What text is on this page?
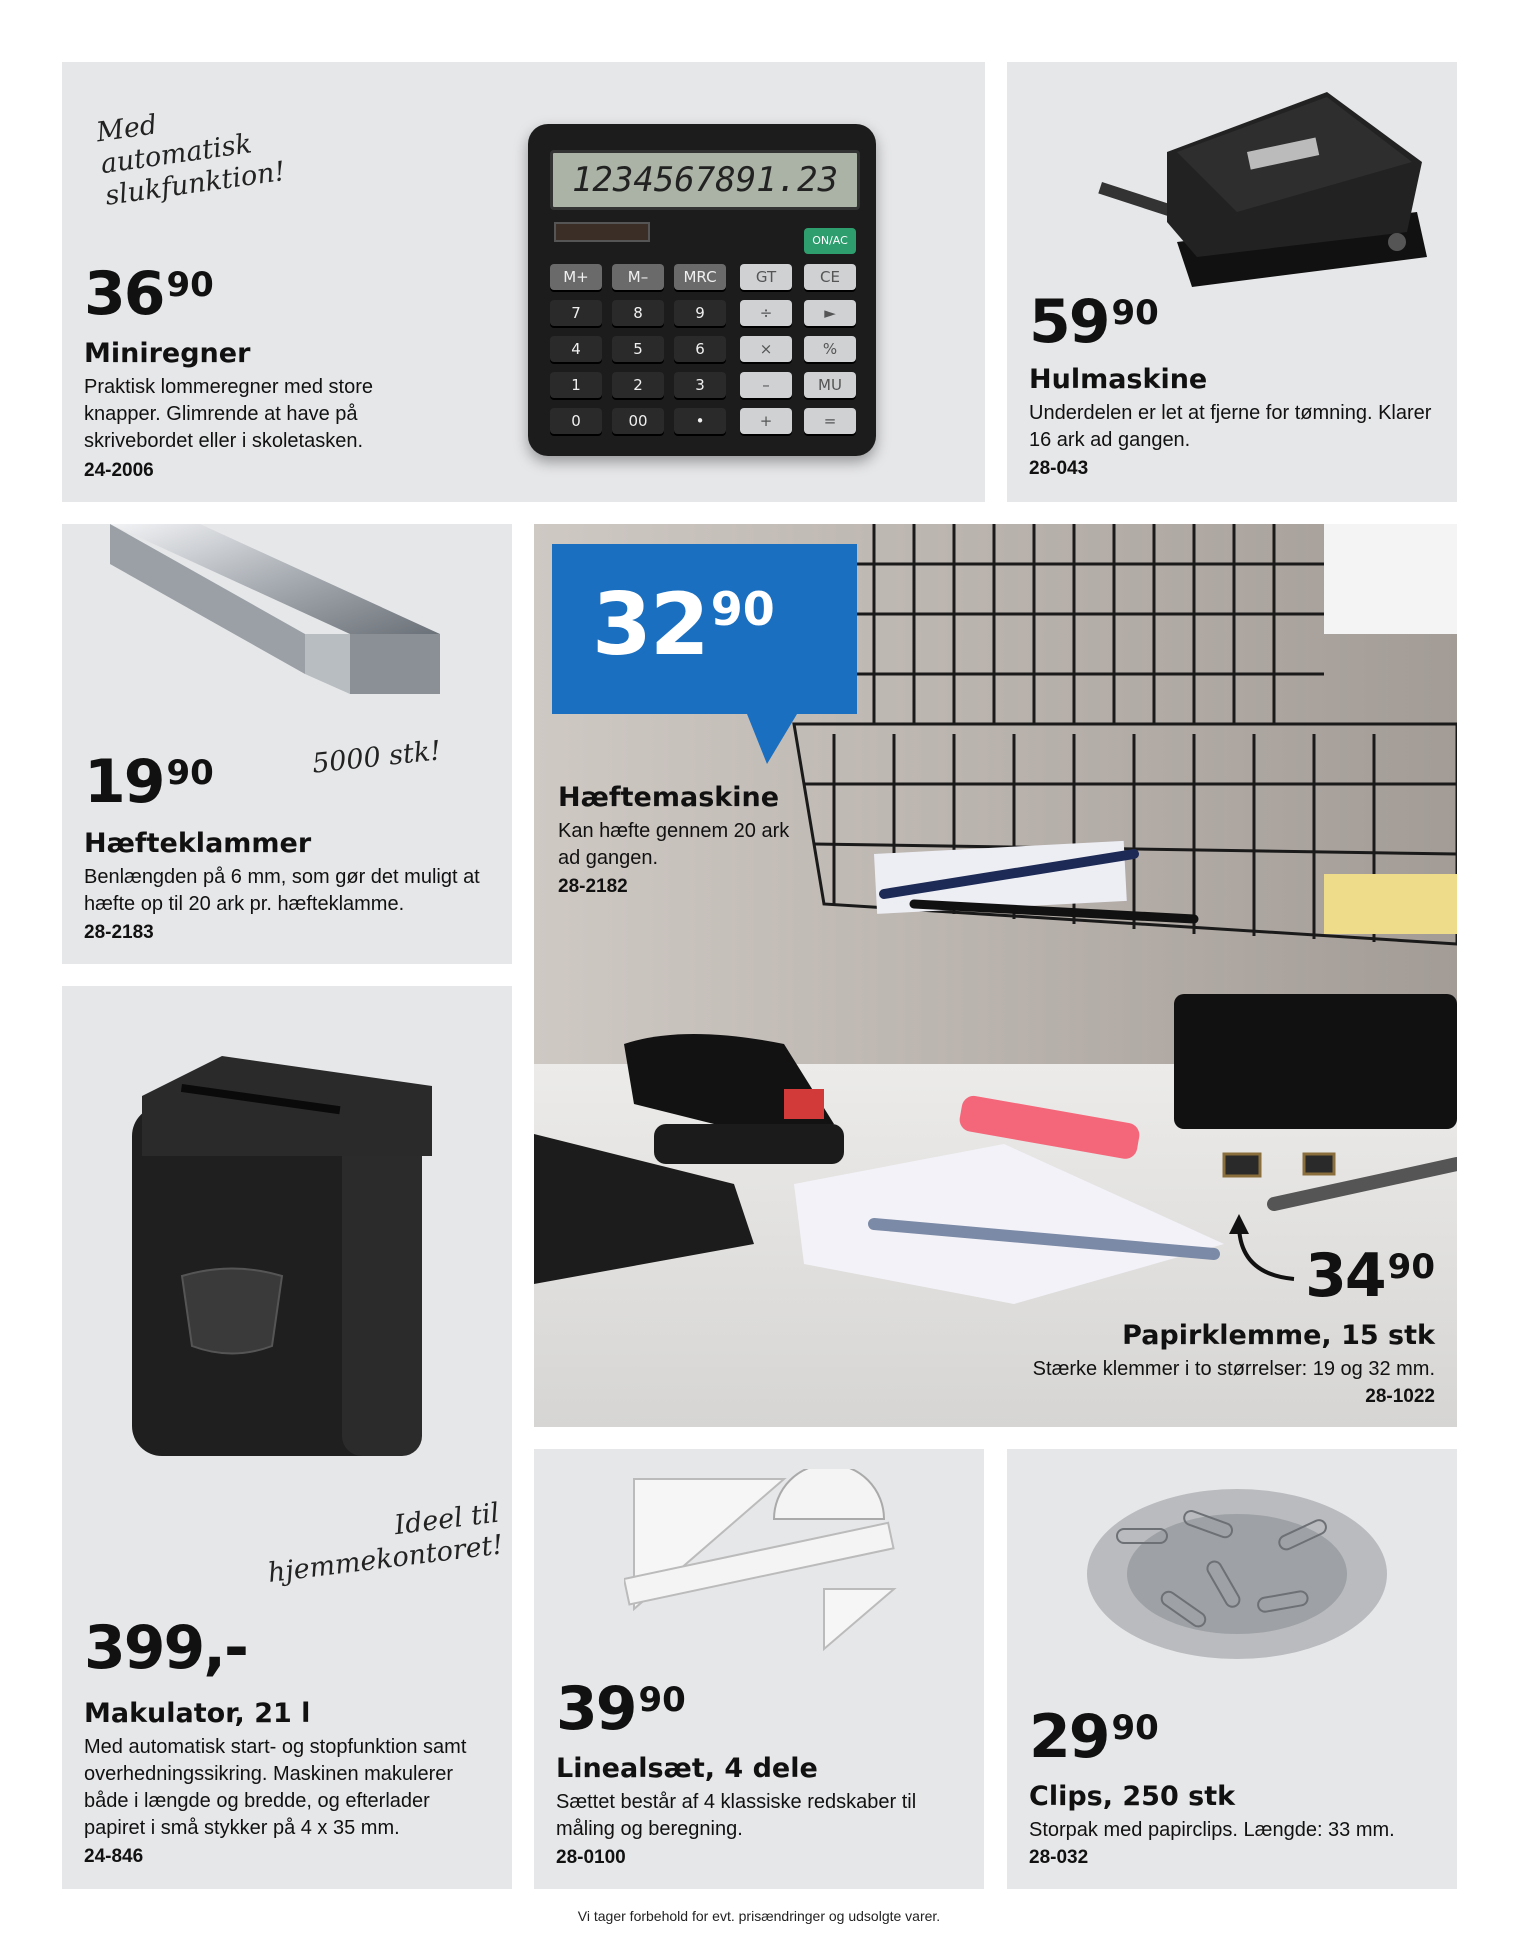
Med automatisk slukfunktion!
3690
Miniregner
Praktisk lommeregner med store knapper. Glimrende at have på skrivebordet eller i skoletasken.
24-2006
1234567891.23
M+	M–	MRC	GT	CE
7	8	9	÷	►
4	5	6	×	%
1	2	3	–	MU
0	00	•	+	=
ON/AC
5990
Hulmaskine
Underdelen er let at fjerne for tømning. Klarer 16 ark ad gangen.
28-043
1990	5000 stk!
Hæfteklammer
Benlængden på 6 mm, som gør det muligt at hæfte op til 20 ark pr. hæfteklamme.
28-2183
Ideel til hjemmekontoret!
399,-
Makulator, 21 l
Med automatisk start- og stopfunktion samt overhedningssikring. Maskinen makulerer både i længde og bredde, og efterlader papiret i små stykker på 4 x 35 mm.
24-846
3290
Hæftemaskine
Kan hæfte gennem 20 ark ad gangen.
28-2182
3490
Papirklemme, 15 stk
Stærke klemmer i to størrelser: 19 og 32 mm.
28-1022
3990
Linealsæt, 4 dele
Sættet består af 4 klassiske redskaber til måling og beregning.
28-0100
2990
Clips, 250 stk
Storpak med papirclips. Længde: 33 mm.
28-032
Vi tager forbehold for evt. prisændringer og udsolgte varer.
